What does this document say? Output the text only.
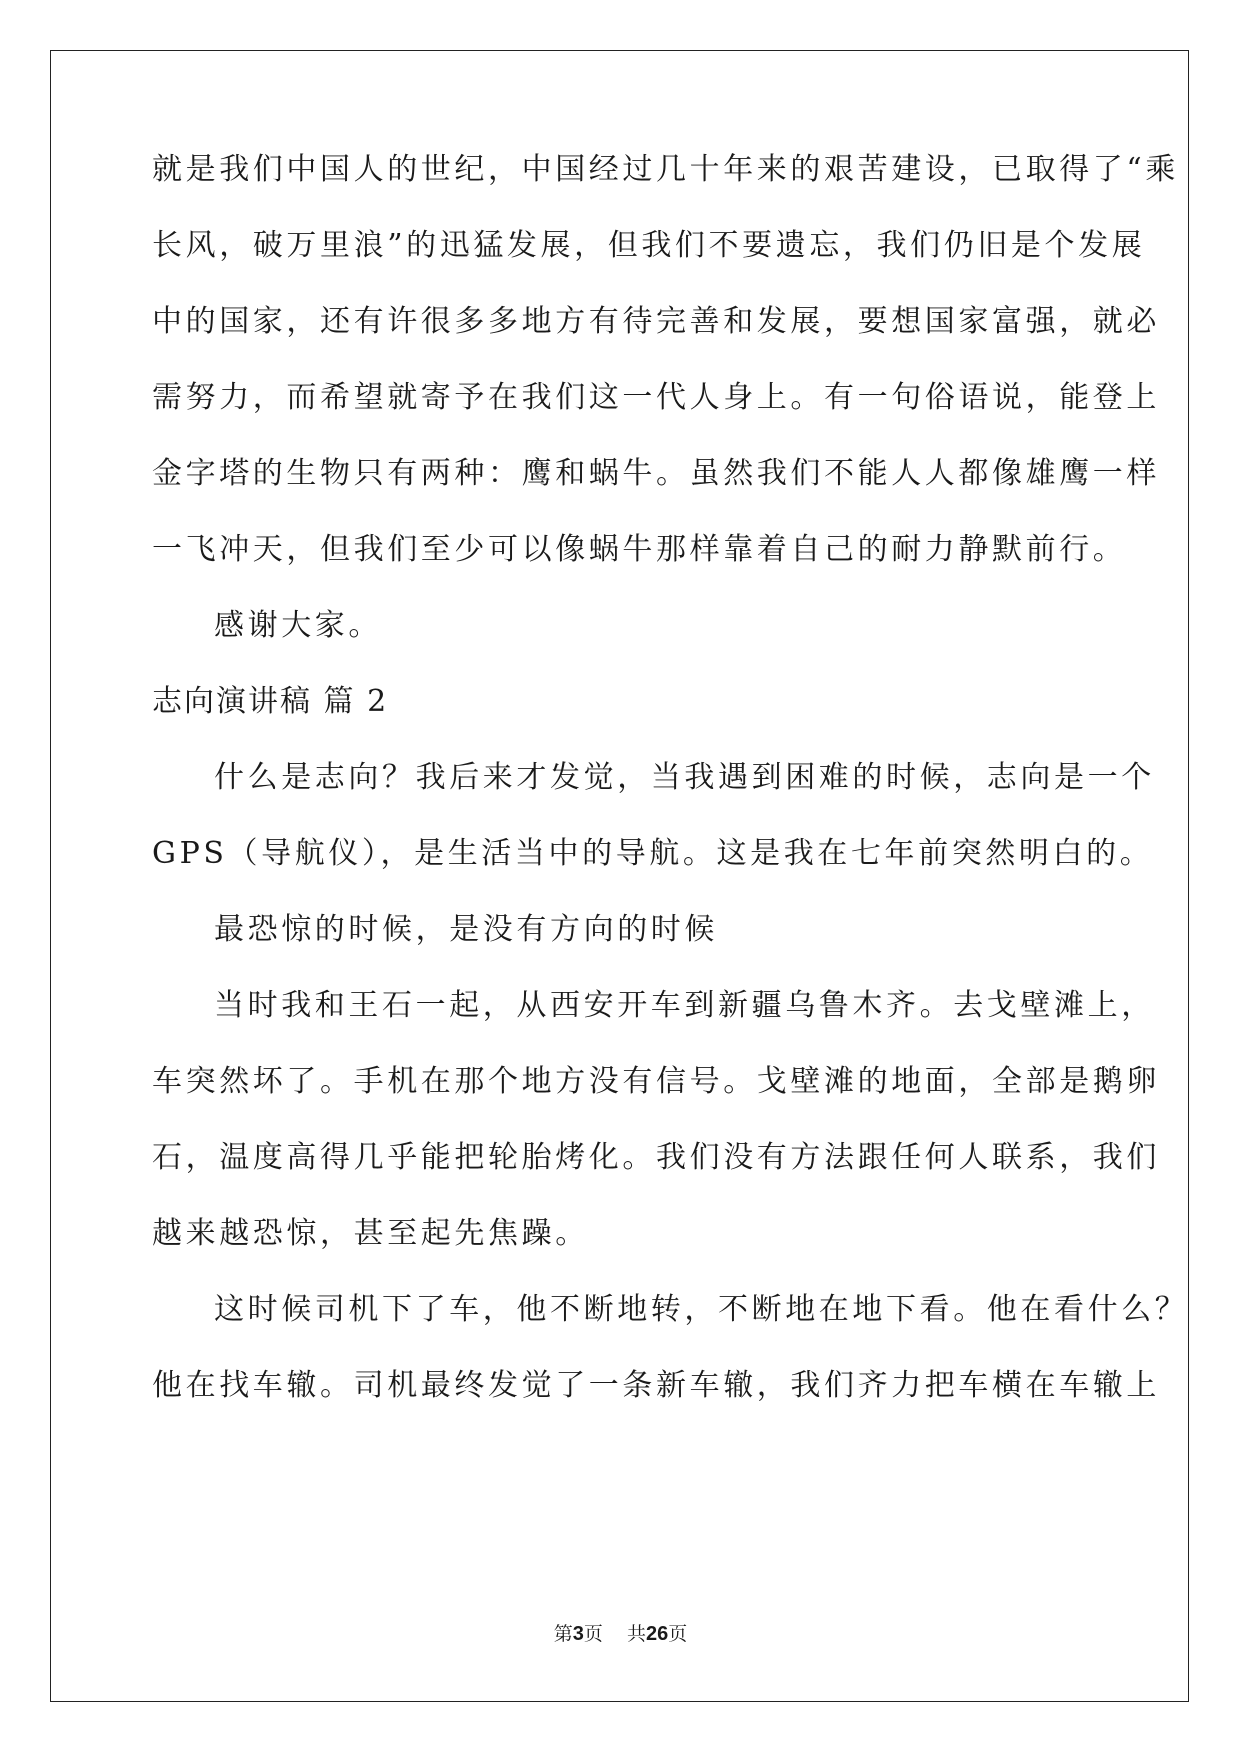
就是我们中国人的世纪，中国经过几十年来的艰苦建设，已取得了“乘
长风，破万里浪”的迅猛发展，但我们不要遗忘，我们仍旧是个发展
中的国家，还有许很多多地方有待完善和发展，要想国家富强，就必
需努力，而希望就寄予在我们这一代人身上。有一句俗语说，能登上
金字塔的生物只有两种：鹰和蜗牛。虽然我们不能人人都像雄鹰一样
一飞冲天，但我们至少可以像蜗牛那样靠着自己的耐力静默前行。
感谢大家。
志向演讲稿 篇 2
什么是志向？我后来才发觉，当我遇到困难的时候，志向是一个
GPS（导航仪），是生活当中的导航。这是我在七年前突然明白的。
最恐惊的时候，是没有方向的时候
当时我和王石一起，从西安开车到新疆乌鲁木齐。去戈壁滩上，
车突然坏了。手机在那个地方没有信号。戈壁滩的地面，全部是鹅卵
石，温度高得几乎能把轮胎烤化。我们没有方法跟任何人联系，我们
越来越恐惊，甚至起先焦躁。
这时候司机下了车，他不断地转，不断地在地下看。他在看什么？
他在找车辙。司机最终发觉了一条新车辙，我们齐力把车横在车辙上
第3页 共26页
